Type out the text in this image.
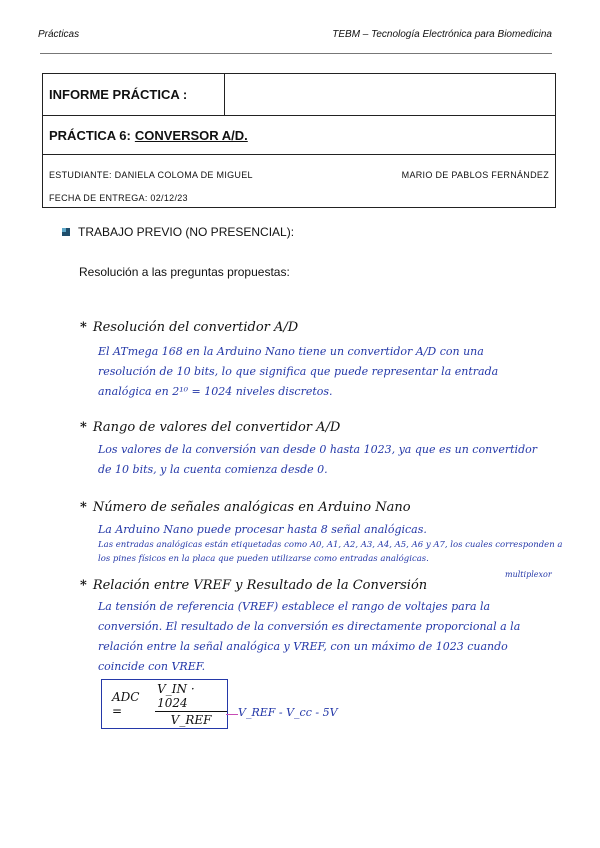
Prácticas	TEBM – Tecnología Electrónica para Biomedicina
INFORME PRÁCTICA :
PRÁCTICA 6: CONVERSOR A/D.
ESTUDIANTE: DANIELA COLOMA DE MIGUEL	MARIO DE PABLOS FERNÁNDEZ
FECHA DE ENTREGA: 02/12/23
TRABAJO PREVIO (NO PRESENCIAL):
Resolución a las preguntas propuestas:
* Resolución del convertidor A/D
El ATmega 168 en la Arduino Nano tiene un convertidor A/D con una resolución de 10 bits, lo que significa que puede representar la entrada analógica en 2¹⁰ = 1024 niveles discretos.
* Rango de valores del convertidor A/D
Los valores de la conversión van desde 0 hasta 1023, ya que es un convertidor de 10 bits, y la cuenta comienza desde 0.
* Número de señales analógicas en Arduino Nano
La Arduino Nano puede procesar hasta 8 señal analógicas.
Las entradas analógicas están etiquetadas como A0, A1, A2, A3, A4, A5, A6 y A7, los cuales corresponden a los pines físicos en la placa que pueden utilizarse como entradas analógicas.
multiplexor
* Relación entre VREF y Resultado de la Conversión
La tensión de referencia (VREF) establece el rango de voltajes para la conversión. El resultado de la conversión es directamente proporcional a la relación entre la señal analógica y VREF, con un máximo de 1023 cuando coincide con VREF.
ADC =	$\frac{V\_IN \cdot 1024}{\text{V\_REF}}$ V_REF - V_cc - 5V
